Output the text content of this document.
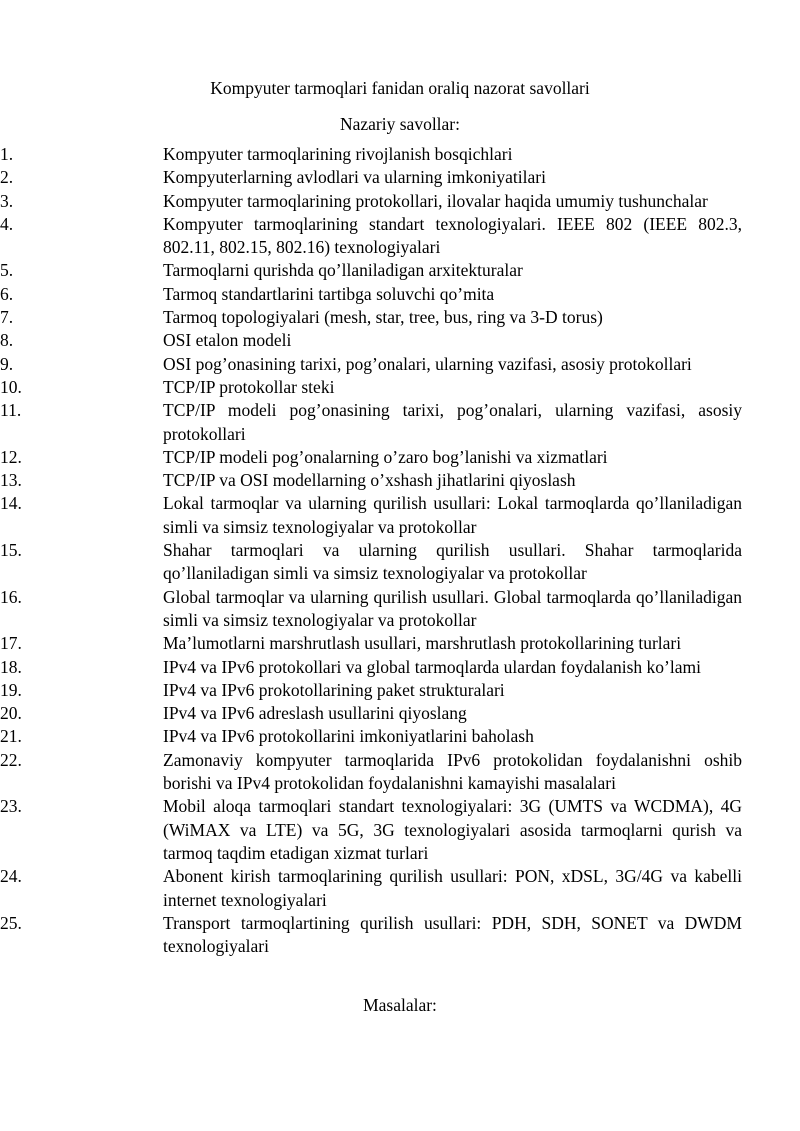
Kompyuter tarmoqlari fanidan oraliq nazorat savollari
Nazariy savollar:
1.	Kompyuter tarmoqlarining rivojlanish bosqichlari
2.	Kompyuterlarning avlodlari va ularning imkoniyatilari
3.	Kompyuter tarmoqlarining protokollari, ilovalar haqida umumiy tushunchalar
4.	Kompyuter tarmoqlarining standart texnologiyalari. IEEE 802 (IEEE 802.3, 802.11, 802.15, 802.16) texnologiyalari
5.	Tarmoqlarni qurishda qo’llaniladigan arxitekturalar
6.	Tarmoq standartlarini tartibga soluvchi qo’mita
7.	Tarmoq topologiyalari (mesh, star, tree, bus, ring va 3-D torus)
8.	OSI etalon modeli
9.	OSI pog’onasining tarixi, pog’onalari, ularning vazifasi, asosiy protokollari
10.	TCP/IP protokollar steki
11.	TCP/IP modeli pog’onasining tarixi, pog’onalari, ularning vazifasi, asosiy protokollari
12.	TCP/IP modeli pog’onalarning o’zaro bog’lanishi va xizmatlari
13.	TCP/IP va OSI modellarning o’xshash jihatlarini qiyoslash
14.	Lokal tarmoqlar va ularning qurilish usullari: Lokal tarmoqlarda qo’llaniladigan simli va simsiz texnologiyalar va protokollar
15.	Shahar tarmoqlari va ularning qurilish usullari. Shahar tarmoqlarida qo’llaniladigan simli va simsiz texnologiyalar va protokollar
16.	Global tarmoqlar va ularning qurilish usullari. Global tarmoqlarda qo’llaniladigan simli va simsiz texnologiyalar va protokollar
17.	Ma’lumotlarni marshrutlash usullari, marshrutlash protokollarining turlari
18.	IPv4 va IPv6 protokollari va global tarmoqlarda ulardan foydalanish ko’lami
19.	IPv4 va IPv6 prokotollarining paket strukturalari
20.	IPv4 va IPv6 adreslash usullarini qiyoslang
21.	IPv4 va IPv6 protokollarini imkoniyatlarini baholash
22.	Zamonaviy kompyuter tarmoqlarida IPv6 protokolidan foydalanishni oshib borishi va IPv4 protokolidan foydalanishni kamayishi masalalari
23.	Mobil aloqa tarmoqlari standart texnologiyalari: 3G (UMTS va WCDMA), 4G (WiMAX va LTE) va 5G, 3G texnologiyalari asosida tarmoqlarni qurish va tarmoq taqdim etadigan xizmat turlari
24.	Abonent kirish tarmoqlarining qurilish usullari: PON, xDSL, 3G/4G va kabelli internet texnologiyalari
25.	Transport tarmoqlartining qurilish usullari: PDH, SDH, SONET va DWDM texnologiyalari
Masalalar:
